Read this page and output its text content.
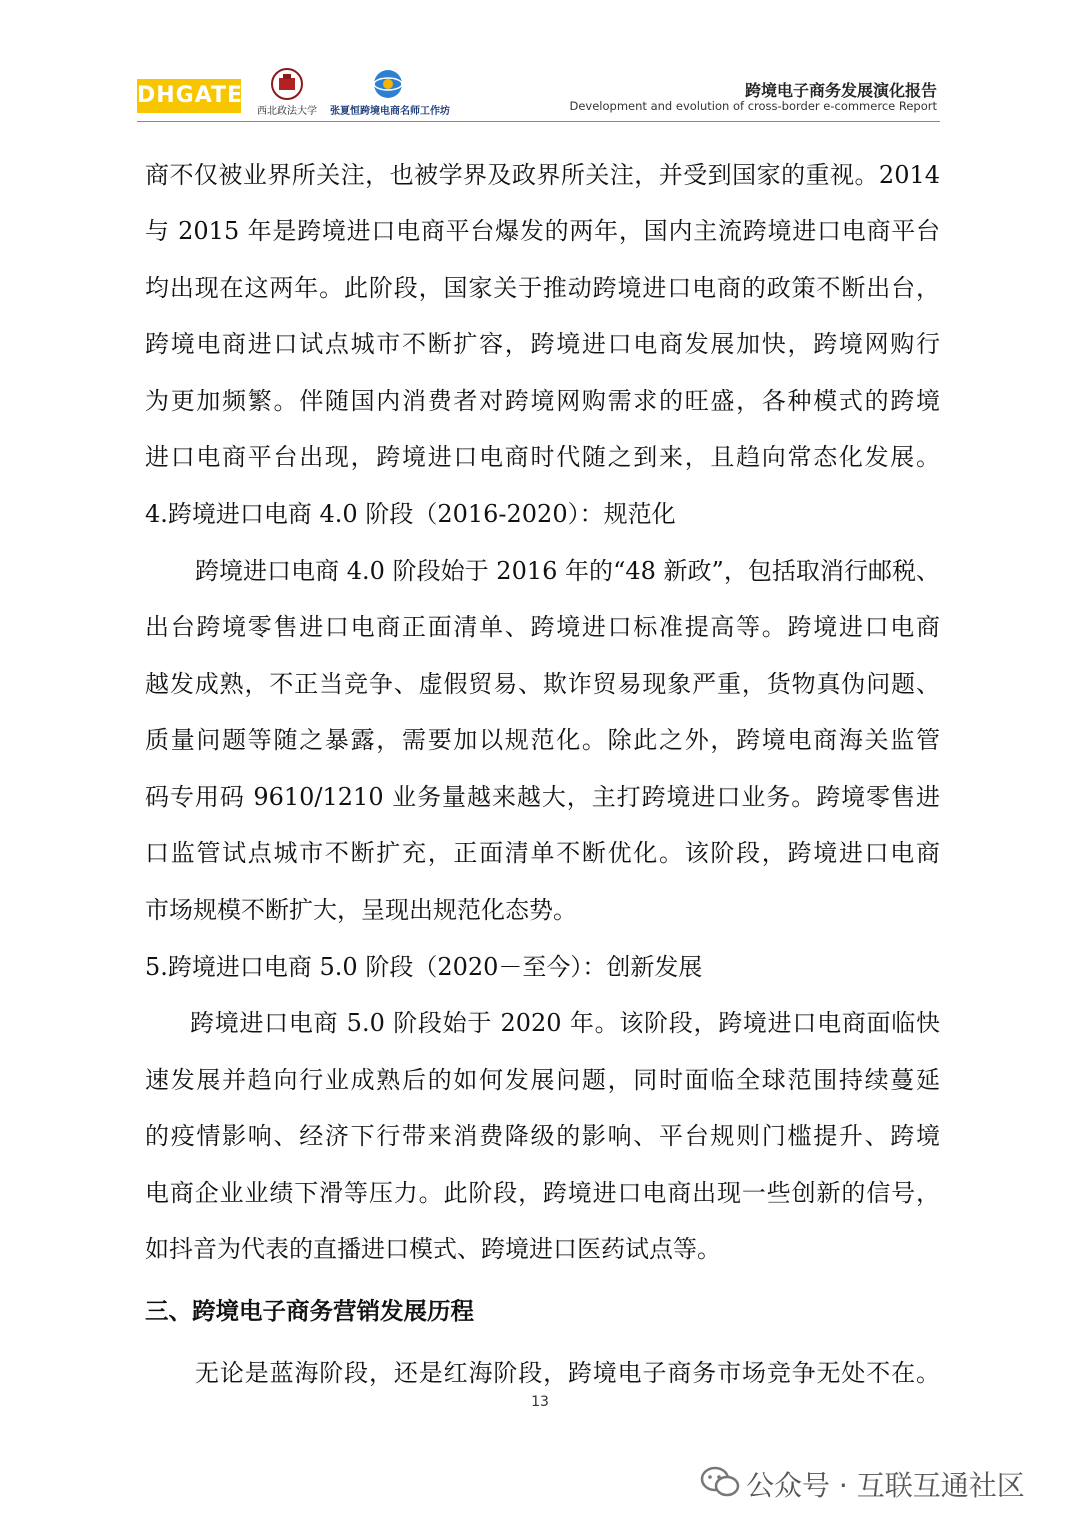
DHGATE
西北政法大学	张夏恒跨境电商名师工作坊
跨境电子商务发展演化报告
Development and evolution of cross-border e-commerce Report
商不仅被业界所关注，也被学界及政界所关注，并受到国家的重视。2014
与 2015 年是跨境进口电商平台爆发的两年，国内主流跨境进口电商平台
均出现在这两年。此阶段，国家关于推动跨境进口电商的政策不断出台，
跨境电商进口试点城市不断扩容，跨境进口电商发展加快，跨境网购行
为更加频繁。伴随国内消费者对跨境网购需求的旺盛，各种模式的跨境
进口电商平台出现，跨境进口电商时代随之到来，且趋向常态化发展。
4.跨境进口电商 4.0 阶段（2016-2020）：规范化
跨境进口电商 4.0 阶段始于 2016 年的“48 新政”，包括取消行邮税、
出台跨境零售进口电商正面清单、跨境进口标准提高等。跨境进口电商
越发成熟，不正当竞争、虚假贸易、欺诈贸易现象严重，货物真伪问题、
质量问题等随之暴露，需要加以规范化。除此之外，跨境电商海关监管
码专用码 9610/1210 业务量越来越大，主打跨境进口业务。跨境零售进
口监管试点城市不断扩充，正面清单不断优化。该阶段，跨境进口电商
市场规模不断扩大，呈现出规范化态势。
5.跨境进口电商 5.0 阶段（2020－至今）：创新发展
跨境进口电商 5.0 阶段始于 2020 年。该阶段，跨境进口电商面临快
速发展并趋向行业成熟后的如何发展问题，同时面临全球范围持续蔓延
的疫情影响、经济下行带来消费降级的影响、平台规则门槛提升、跨境
电商企业业绩下滑等压力。此阶段，跨境进口电商出现一些创新的信号，
如抖音为代表的直播进口模式、跨境进口医药试点等。
三、跨境电子商务营销发展历程
无论是蓝海阶段，还是红海阶段，跨境电子商务市场竞争无处不在。
13
公众号 · 互联互通社区
